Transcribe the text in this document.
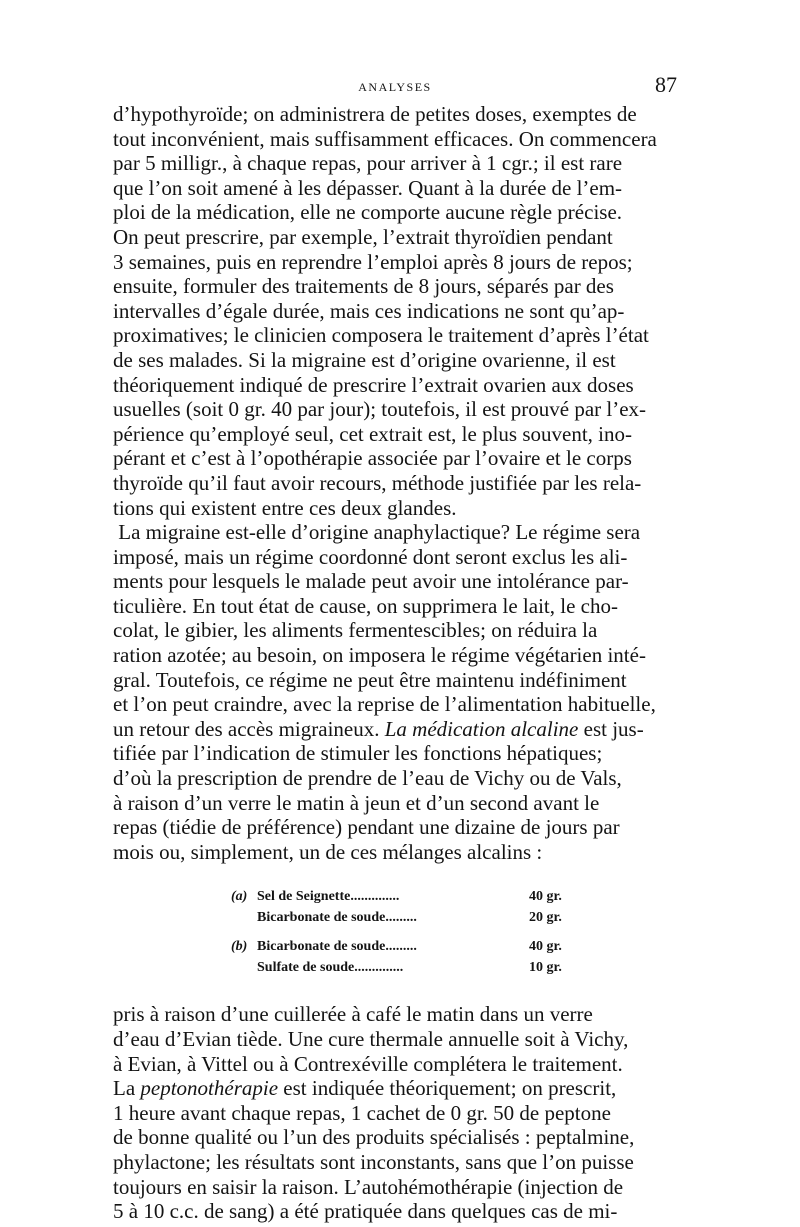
ANALYSES	87

d’hypothyroïde; on administrera de petites doses, exemptes de
tout inconvénient, mais suffisamment efficaces. On commencera
par 5 milligr., à chaque repas, pour arriver à 1 cgr.; il est rare
que l’on soit amené à les dépasser. Quant à la durée de l’em-
ploi de la médication, elle ne comporte aucune règle précise.
On peut prescrire, par exemple, l’extrait thyroïdien pendant
3 semaines, puis en reprendre l’emploi après 8 jours de repos;
ensuite, formuler des traitements de 8 jours, séparés par des
intervalles d’égale durée, mais ces indications ne sont qu’ap-
proximatives; le clinicien composera le traitement d’après l’état
de ses malades. Si la migraine est d’origine ovarienne, il est
théoriquement indiqué de prescrire l’extrait ovarien aux doses
usuelles (soit 0 gr. 40 par jour); toutefois, il est prouvé par l’ex-
périence qu’employé seul, cet extrait est, le plus souvent, ino-
pérant et c’est à l’opothérapie associée par l’ovaire et le corps
thyroïde qu’il faut avoir recours, méthode justifiée par les rela-
tions qui existent entre ces deux glandes.

La migraine est-elle d’origine anaphylactique? Le régime sera
imposé, mais un régime coordonné dont seront exclus les ali-
ments pour lesquels le malade peut avoir une intolérance par-
ticulière. En tout état de cause, on supprimera le lait, le cho-
colat, le gibier, les aliments fermentescibles; on réduira la
ration azotée; au besoin, on imposera le régime végétarien inté-
gral. Toutefois, ce régime ne peut être maintenu indéfiniment
et l’on peut craindre, avec la reprise de l’alimentation habituelle,
un retour des accès migraineux. La médication alcaline est jus-
tifiée par l’indication de stimuler les fonctions hépatiques;
d’où la prescription de prendre de l’eau de Vichy ou de Vals,
à raison d’un verre le matin à jeun et d’un second avant le
repas (tiédie de préférence) pendant une dizaine de jours par
mois ou, simplement, un de ces mélanges alcalins :

(a) Sel de Seignette..............	40 gr.
Bicarbonate de soude.........	20 gr.
(b) Bicarbonate de soude.........	40 gr.
Sulfate de soude..............	10 gr.

pris à raison d’une cuillerée à café le matin dans un verre
d’eau d’Evian tiède. Une cure thermale annuelle soit à Vichy,
à Evian, à Vittel ou à Contrexéville complétera le traitement.
La peptonothérapie est indiquée théoriquement; on prescrit,
1 heure avant chaque repas, 1 cachet de 0 gr. 50 de peptone
de bonne qualité ou l’un des produits spécialisés : peptalmine,
phylactone; les résultats sont inconstants, sans que l’on puisse
toujours en saisir la raison. L’autohémothérapie (injection de
5 à 10 c.c. de sang) a été pratiquée dans quelques cas de mi-
